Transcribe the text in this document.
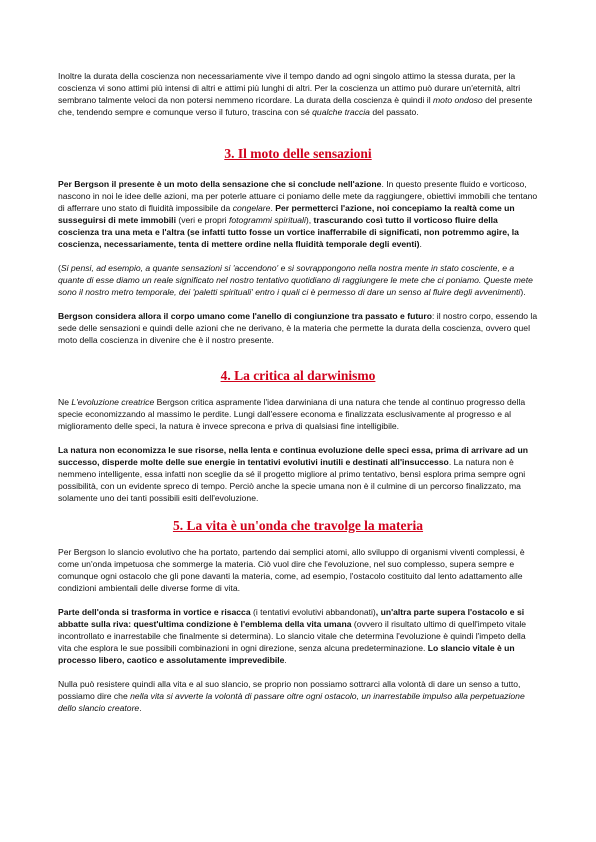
Inoltre la durata della coscienza non necessariamente vive il tempo dando ad ogni singolo attimo la stessa durata, per la coscienza vi sono attimi più intensi di altri e attimi più lunghi di altri. Per la coscienza un attimo può durare un'eternità, altri sembrano talmente veloci da non potersi nemmeno ricordare. La durata della coscienza è quindi il moto ondoso del presente che, tendendo sempre e comunque verso il futuro, trascina con sé qualche traccia del passato.

3. Il moto delle sensazioni

Per Bergson il presente è un moto della sensazione che si conclude nell'azione. In questo presente fluido e vorticoso, nascono in noi le idee delle azioni, ma per poterle attuare ci poniamo delle mete da raggiungere, obiettivi immobili che tentano di afferrare uno stato di fluidità impossibile da congelare. Per permetterci l'azione, noi concepiamo la realtà come un susseguirsi di mete immobili (veri e propri fotogrammi spirituali), trascurando così tutto il vorticoso fluire della coscienza tra una meta e l'altra (se infatti tutto fosse un vortice inafferrabile di significati, non potremmo agire, la coscienza, necessariamente, tenta di mettere ordine nella fluidità temporale degli eventi).

(Si pensi, ad esempio, a quante sensazioni si 'accendono' e si sovrappongono nella nostra mente in stato cosciente, e a quante di esse diamo un reale significato nel nostro tentativo quotidiano di raggiungere le mete che ci poniamo. Queste mete sono il nostro metro temporale, dei 'paletti spirituali' entro i quali ci è permesso di dare un senso al fluire degli avvenimenti).

Bergson considera allora il corpo umano come l'anello di congiunzione tra passato e futuro: il nostro corpo, essendo la sede delle sensazioni e quindi delle azioni che ne derivano, è la materia che permette la durata della coscienza, ovvero quel moto della coscienza in divenire che è il nostro presente.

4. La critica al darwinismo

Ne L'evoluzione creatrice Bergson critica aspramente l'idea darwiniana di una natura che tende al continuo progresso della specie economizzando al massimo le perdite. Lungi dall'essere economa e finalizzata esclusivamente al progresso e al miglioramento delle speci, la natura è invece sprecona e priva di qualsiasi fine intelligibile.

La natura non economizza le sue risorse, nella lenta e continua evoluzione delle speci essa, prima di arrivare ad un successo, disperde molte delle sue energie in tentativi evolutivi inutili e destinati all'insuccesso. La natura non è nemmeno intelligente, essa infatti non sceglie da sé il progetto migliore al primo tentativo, bensì esplora prima sempre ogni possibilità, con un evidente spreco di tempo. Perciò anche la specie umana non è il culmine di un percorso finalizzato, ma solamente uno dei tanti possibili esiti dell'evoluzione.

5. La vita è un'onda che travolge la materia

Per Bergson lo slancio evolutivo che ha portato, partendo dai semplici atomi, allo sviluppo di organismi viventi complessi, è come un'onda impetuosa che sommerge la materia. Ciò vuol dire che l'evoluzione, nel suo complesso, supera sempre e comunque ogni ostacolo che gli pone davanti la materia, come, ad esempio, l'ostacolo costituito dal lento adattamento alle condizioni ambientali delle diverse forme di vita.

Parte dell'onda si trasforma in vortice e risacca (i tentativi evolutivi abbandonati), un'altra parte supera l'ostacolo e si abbatte sulla riva: quest'ultima condizione è l'emblema della vita umana (ovvero il risultato ultimo di quell'impeto vitale incontrollato e inarrestabile che finalmente si determina). Lo slancio vitale che determina l'evoluzione è quindi l'impeto della vita che esplora le sue possibili combinazioni in ogni direzione, senza alcuna predeterminazione. Lo slancio vitale è un processo libero, caotico e assolutamente imprevedibile.

Nulla può resistere quindi alla vita e al suo slancio, se proprio non possiamo sottrarci alla volontà di dare un senso a tutto, possiamo dire che nella vita si avverte la volontà di passare oltre ogni ostacolo, un inarrestabile impulso alla perpetuazione dello slancio creatore.
